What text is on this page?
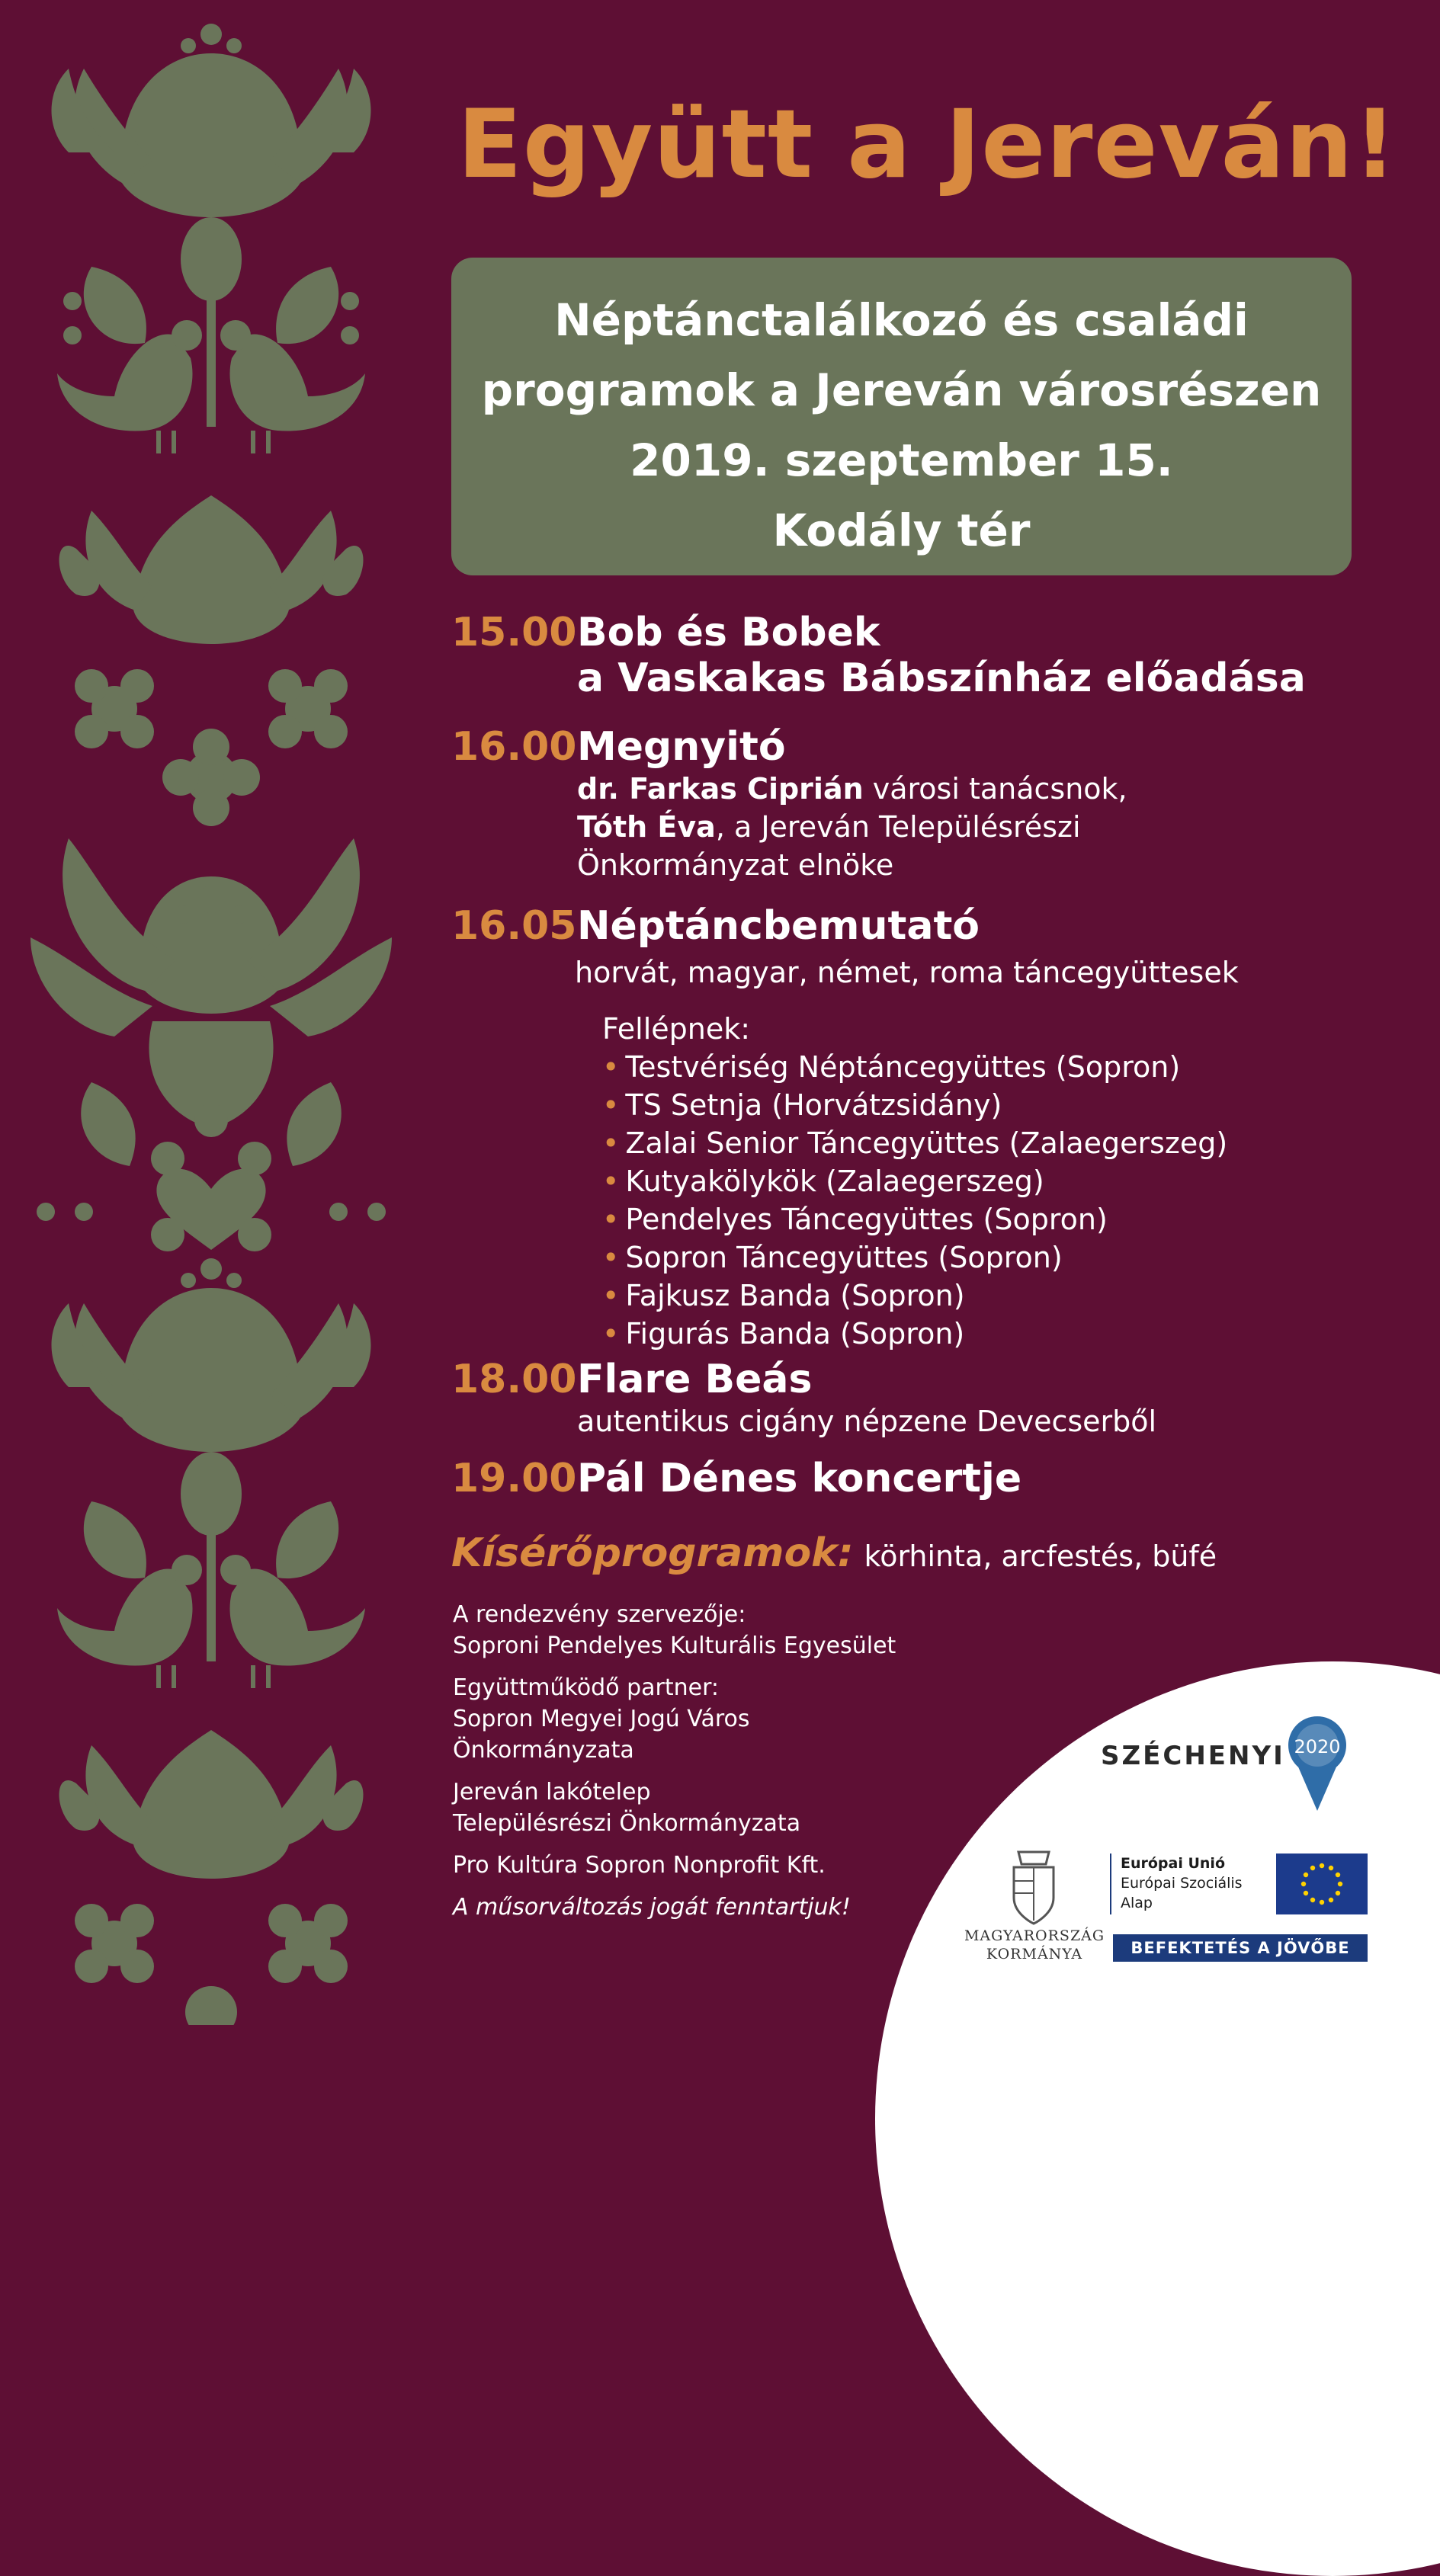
Együtt a Jereván!
Néptánctalálkozó és családi
programok a Jereván városrészen
2019. szeptember 15.
Kodály tér
15.00 Bob és Bobek
a Vaskakas Bábszínház előadása
16.00 Megnyitó
dr. Farkas Ciprián városi tanácsnok,
Tóth Éva, a Jereván Településrészi
Önkormányzat elnöke
16.05 Néptáncbemutató
horvát, magyar, német, roma táncegyüttesek
Fellépnek:
• Testvériség Néptáncegyüttes (Sopron)
• TS Setnja (Horvátzsidány)
• Zalai Senior Táncegyüttes (Zalaegerszeg)
• Kutyakölykök (Zalaegerszeg)
• Pendelyes Táncegyüttes (Sopron)
• Sopron Táncegyüttes (Sopron)
• Fajkusz Banda (Sopron)
• Figurás Banda (Sopron)
18.00 Flare Beás
autentikus cigány népzene Devecserből
19.00 Pál Dénes koncertje
Kísérőprogramok: körhinta, arcfestés, büfé
A rendezvény szervezője:
Soproni Pendelyes Kulturális Egyesület
Együttműködő partner:
Sopron Megyei Jogú Város
Önkormányzata
Jereván lakótelep
Településrészi Önkormányzata
Pro Kultúra Sopron Nonprofit Kft.
A műsorváltozás jogát fenntartjuk!
SZÉCHENYI 2020
MAGYARORSZÁG
KORMÁNYA
Európai Unió
Európai Szociális
Alap
BEFEKTETÉS A JÖVŐBE
